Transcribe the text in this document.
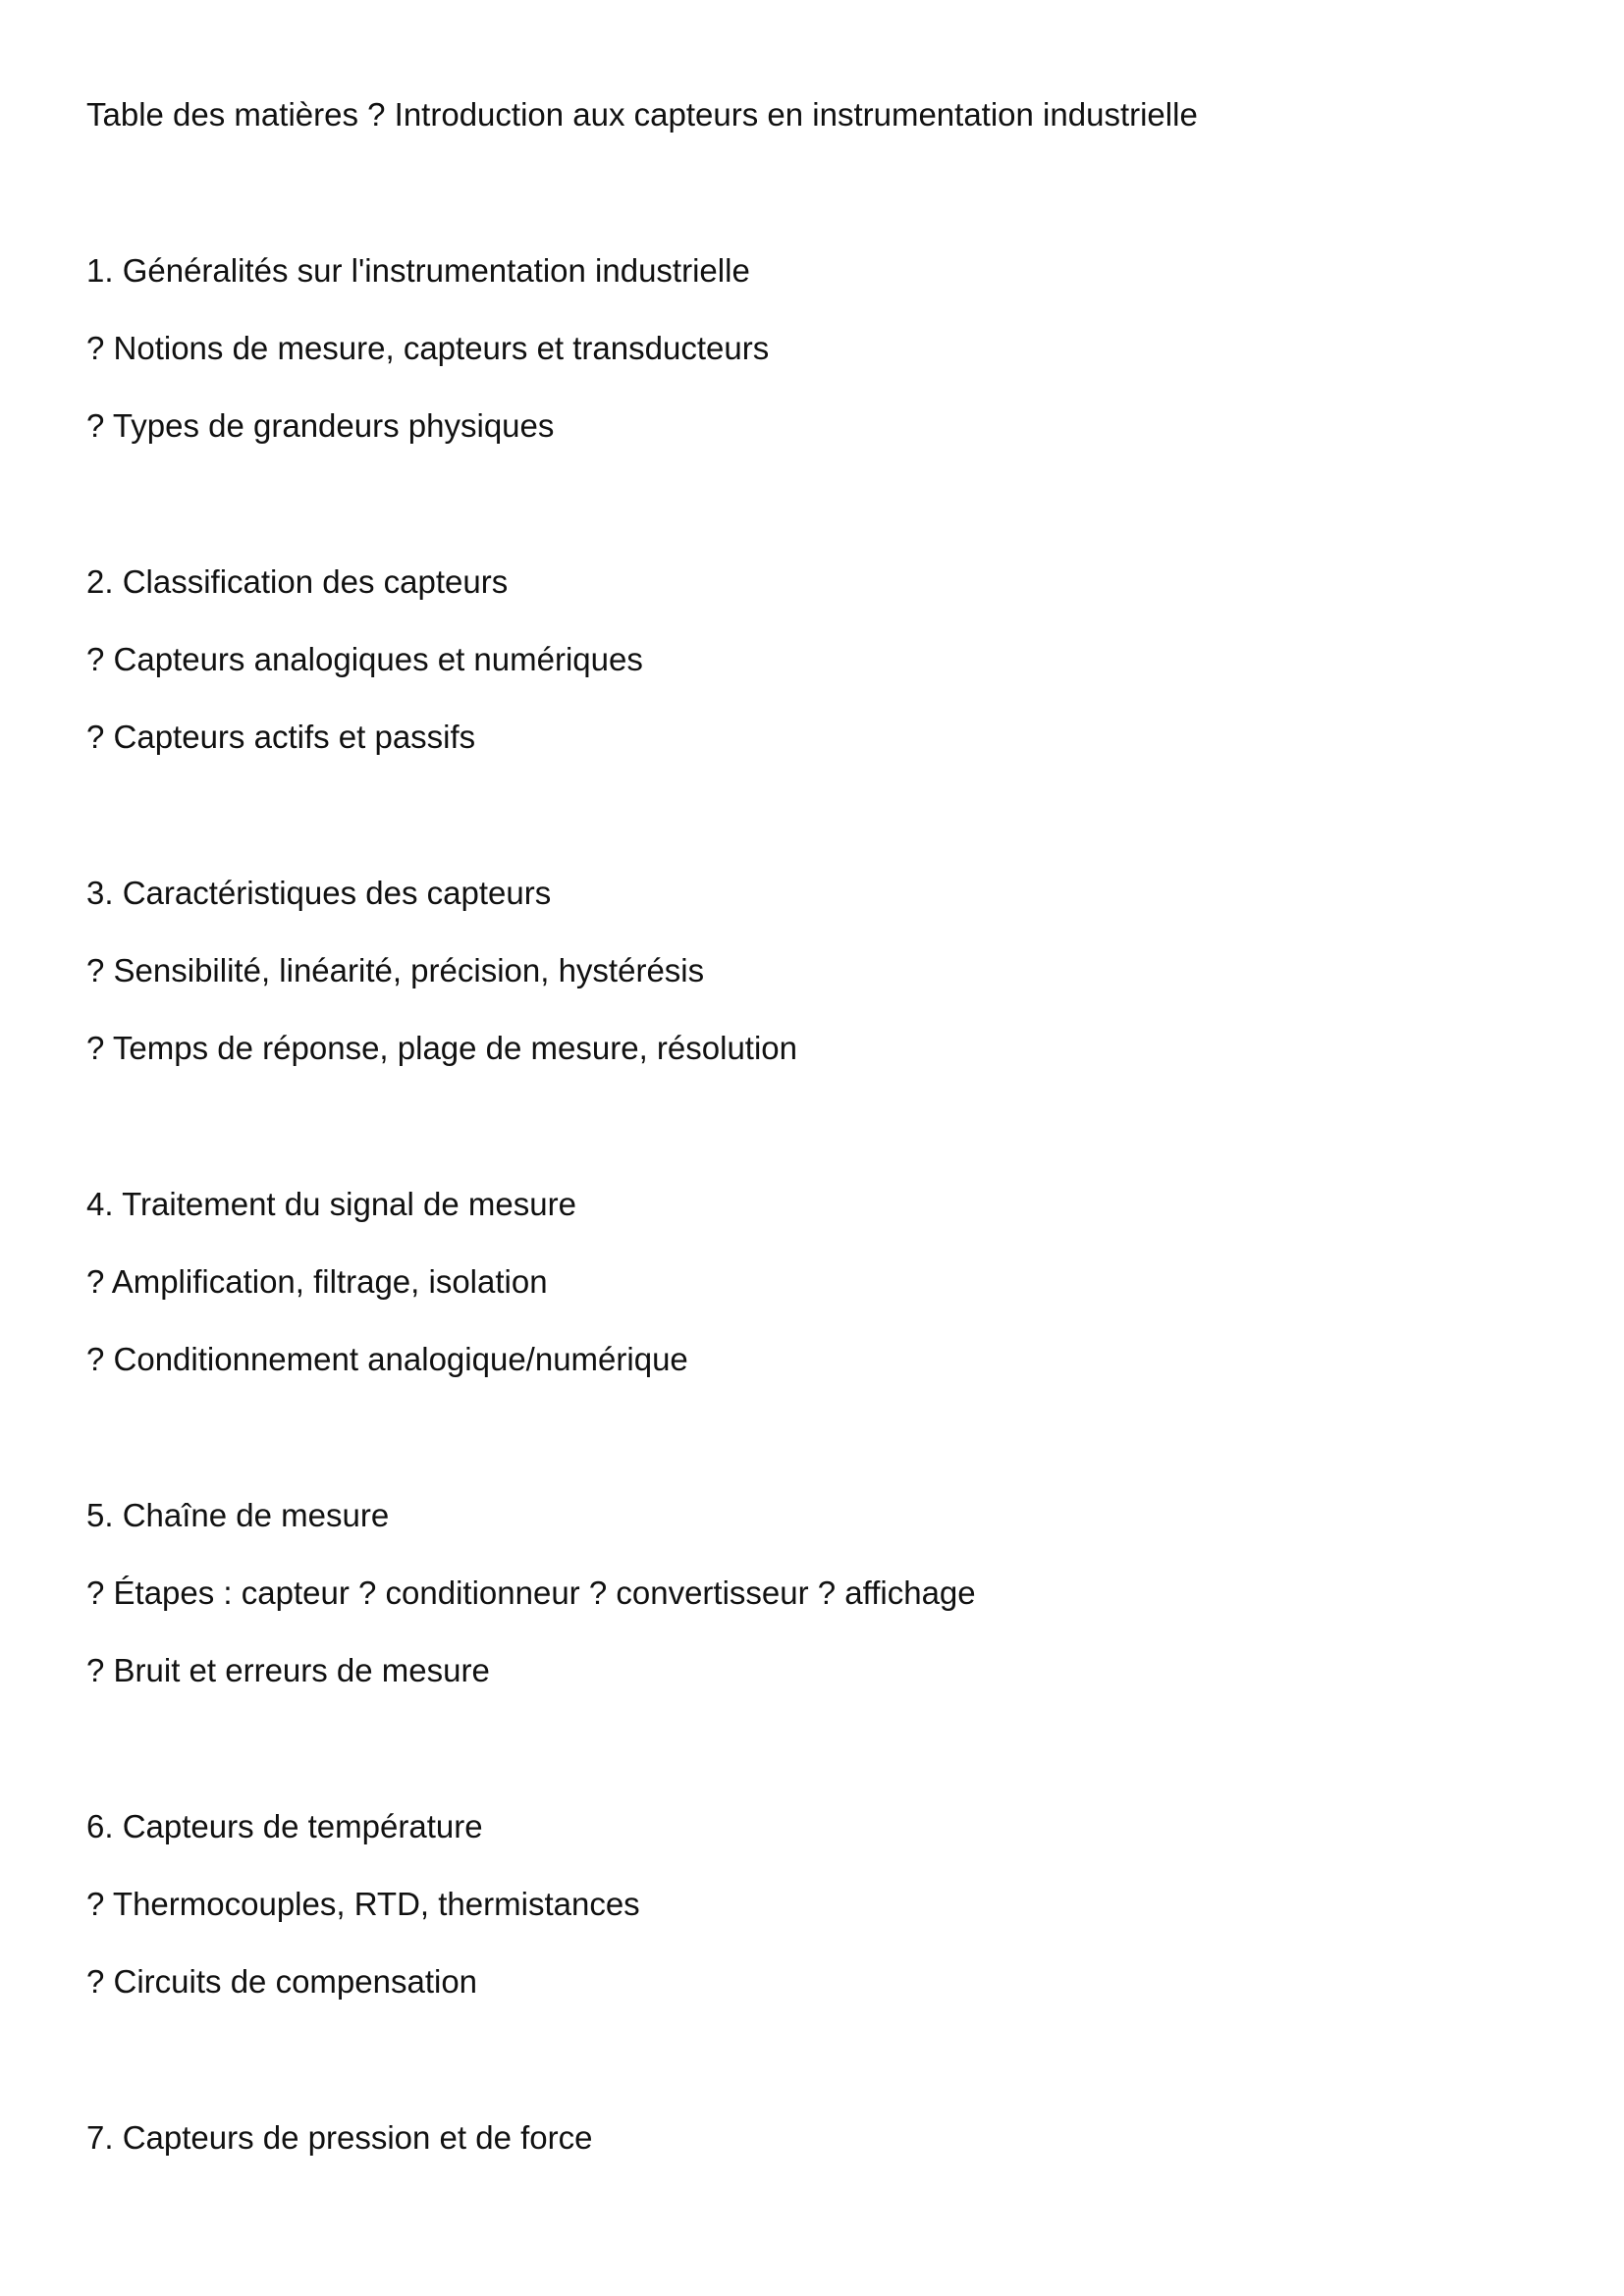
Table des matières ? Introduction aux capteurs en instrumentation industrielle

1. Généralités sur l'instrumentation industrielle

? Notions de mesure, capteurs et transducteurs

? Types de grandeurs physiques

2. Classification des capteurs

? Capteurs analogiques et numériques

? Capteurs actifs et passifs

3. Caractéristiques des capteurs

? Sensibilité, linéarité, précision, hystérésis

? Temps de réponse, plage de mesure, résolution

4. Traitement du signal de mesure

? Amplification, filtrage, isolation

? Conditionnement analogique/numérique

5. Chaîne de mesure

? Étapes : capteur ? conditionneur ? convertisseur ? affichage

? Bruit et erreurs de mesure

6. Capteurs de température

? Thermocouples, RTD, thermistances

? Circuits de compensation

7. Capteurs de pression et de force
